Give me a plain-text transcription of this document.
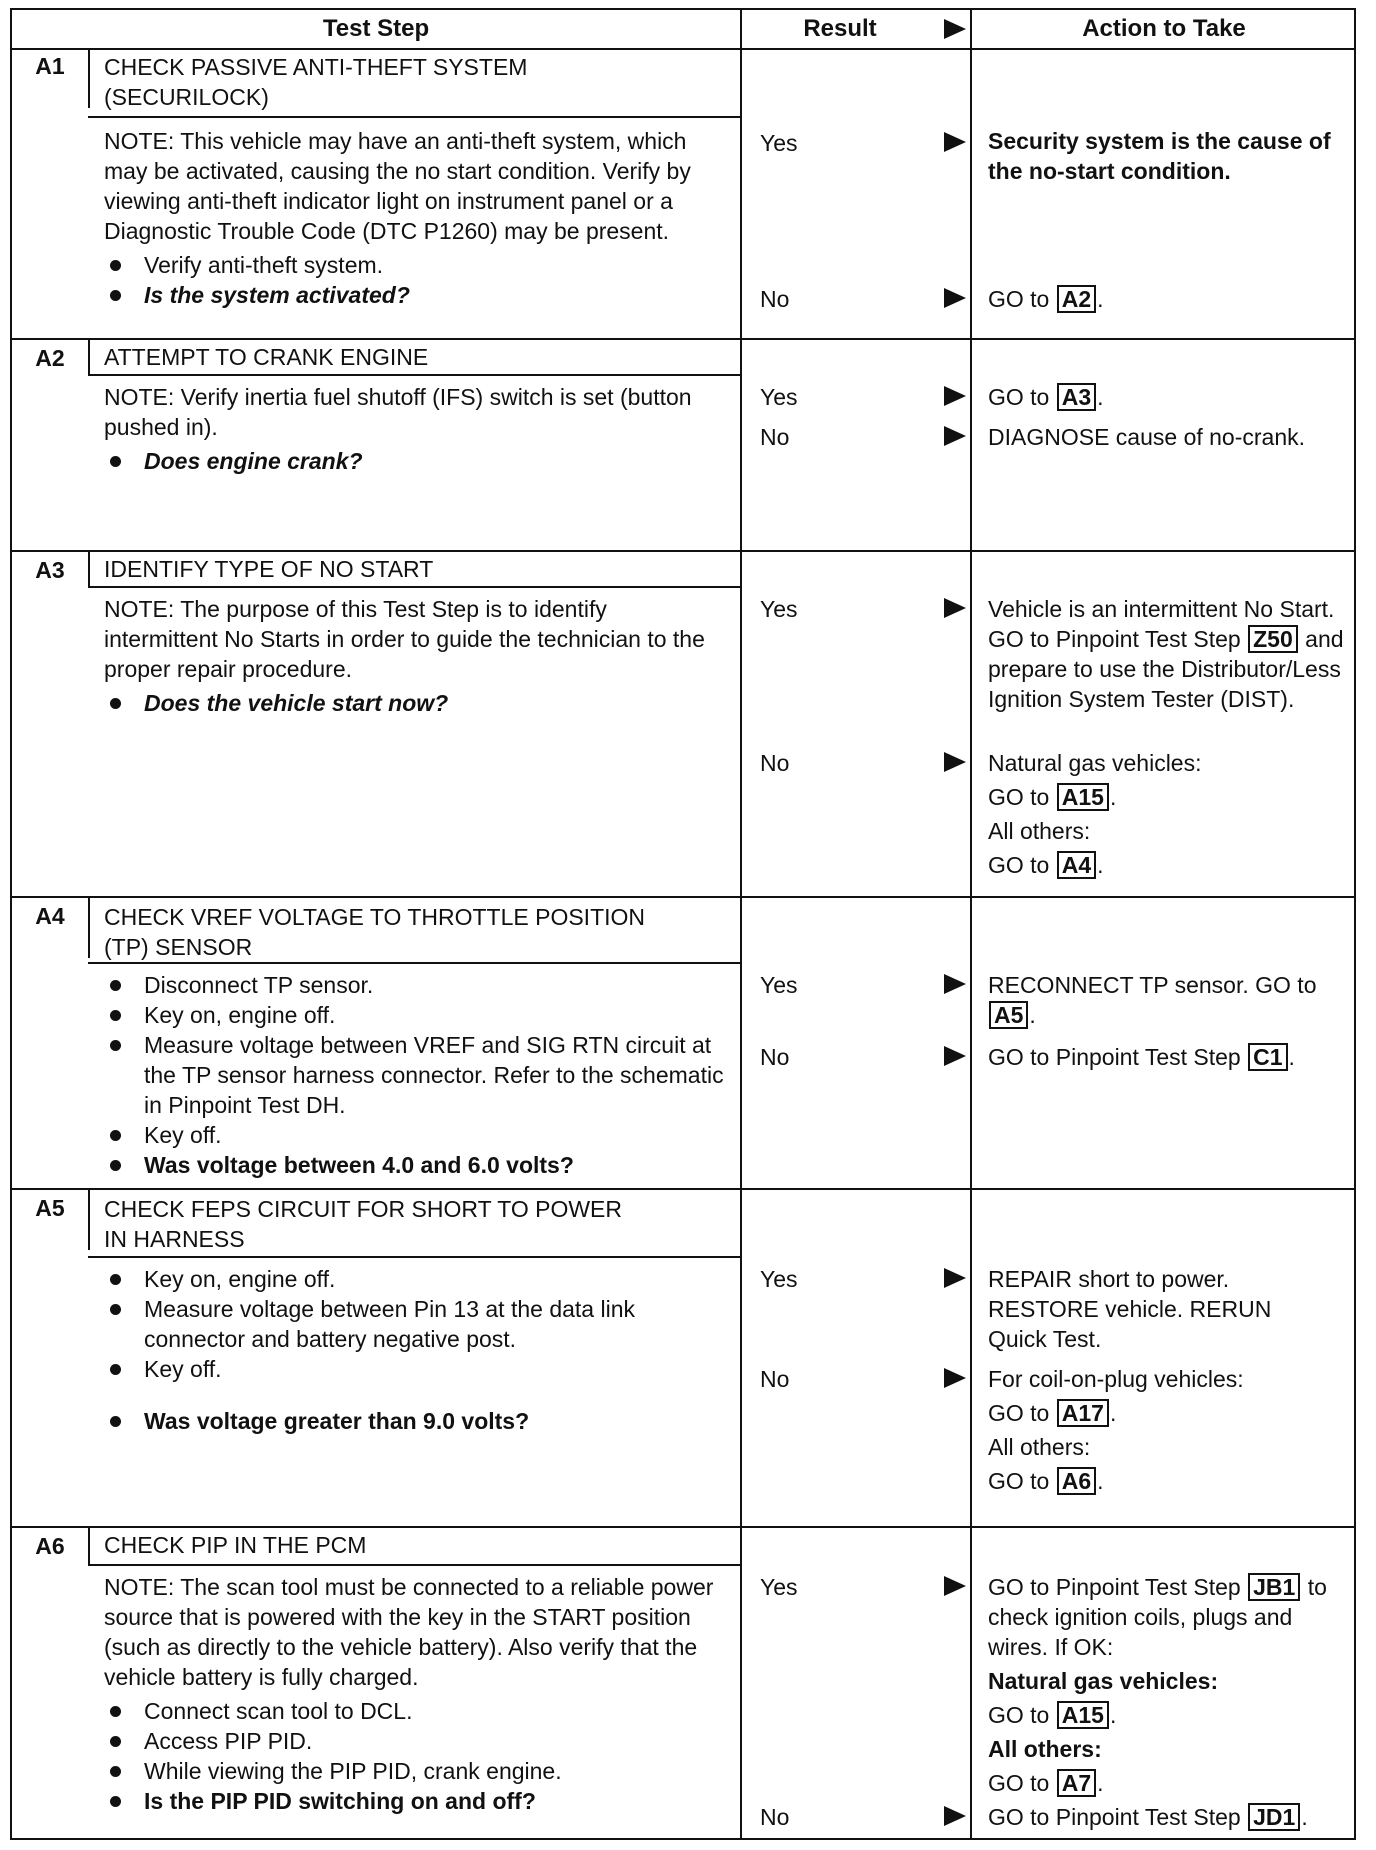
Test Step	Result	Action to Take
A1	CHECK PASSIVE ANTI-THEFT SYSTEM
(SECURILOCK)

NOTE: This vehicle may have an anti-theft system, which may be activated, causing the no start condition. Verify by viewing anti-theft indicator light on instrument panel or a Diagnostic Trouble Code (DTC P1260) may be present.

Verify anti-theft system.
Is the system activated?
Yes	Security system is the cause of the no-start condition.

No	GO to A2 .
A2	ATTEMPT TO CRANK ENGINE

NOTE: Verify inertia fuel shutoff (IFS) switch is set (button pushed in).

Does engine crank?
Yes	GO to A3 .
No	DIAGNOSE cause of no-crank.
A3	IDENTIFY TYPE OF NO START

NOTE: The purpose of this Test Step is to identify intermittent No Starts in order to guide the technician to the proper repair procedure.

Does the vehicle start now?
Yes	Vehicle is an intermittent No Start. GO to Pinpoint Test Step Z50 and prepare to use the Distributor/Less Ignition System Tester (DIST).
No	Natural gas vehicles:

GO to A15 .

All others:

GO to A4 .

A4	CHECK VREF VOLTAGE TO THROTTLE POSITION
(TP) SENSOR
Disconnect TP sensor.
Key on, engine off.
Measure voltage between VREF and SIG RTN circuit at the TP sensor harness connector. Refer to the schematic in Pinpoint Test DH.
Key off.
Was voltage between 4.0 and 6.0 volts?
Yes	RECONNECT TP sensor. GO to A5 .
No	GO to Pinpoint Test Step C1 .
A5	CHECK FEPS CIRCUIT FOR SHORT TO POWER
IN HARNESS
Key on, engine off.
Measure voltage between Pin 13 at the data link connector and battery negative post.
Key off.
Was voltage greater than 9.0 volts?
Yes	REPAIR short to power. RESTORE vehicle. RERUN Quick Test.
No	For coil-on-plug vehicles:

GO to A17 .

All others:

GO to A6 .

A6	CHECK PIP IN THE PCM

NOTE: The scan tool must be connected to a reliable power source that is powered with the key in the START position (such as directly to the vehicle battery). Also verify that the vehicle battery is fully charged.

Connect scan tool to DCL.
Access PIP PID.
While viewing the PIP PID, crank engine.
Is the PIP PID switching on and off?
Yes	GO to Pinpoint Test Step JB1 to check ignition coils, plugs and wires. If OK:

Natural gas vehicles:

GO to A15 .

All others:

GO to A7 .

No	GO to Pinpoint Test Step JD1 .
